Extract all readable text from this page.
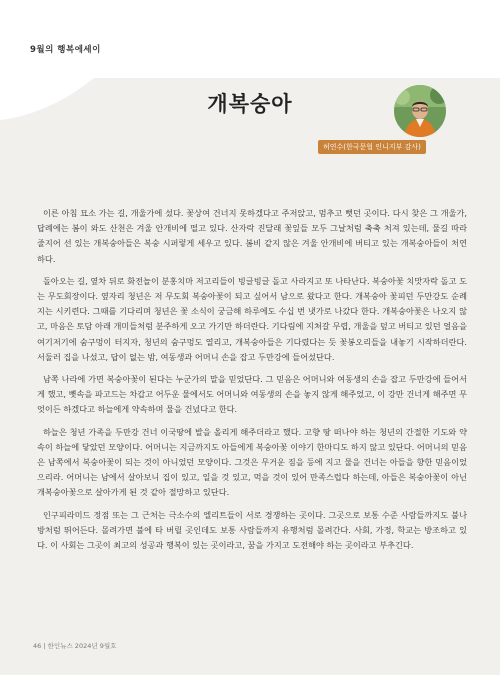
9월의 행복에세이
개복숭아
허연수(한국문협 인니지부 감사)

이른 아침 묘소 가는 길, 개울가에 섰다. 꽃상여 건너지 못하겠다고 주저앉고, 멈추고 뻣던 곳이다. 다시 찾은 그 개울가, 답례에는 봄이 와도 산천은 겨울 안개비에 떨고 있다. 산자락 진달래 꽃잎들 모두 그날처럼 축축 처져 있는데, 물길 따라 줄지어 선 있는 개복숭아들은 복숭 시퍼렇게 세우고 있다. 봄비 같지 않은 겨울 안개비에 버티고 있는 개복숭아들이 처연하다.

돌아오는 길, 옆차 뒤로 화전놀이 분홍치마 저고리들이 빙글빙글 돌고 사라지고 또 나타난다. 복숭아꽃 치맛자락 돌고 도는 무도회장이다. 옆자리 청년은 저 무도회 복숭아꽃이 되고 싶어서 남으로 왔다고 한다. 개복숭아 꽃피던 두만강도 순례지는 시키련다. 그때를 기다리며 청년은 꽃 소식이 궁금해 하루에도 수십 번 냇가로 나갔다 한다. 개복숭아꽃은 나오지 않고, 마음은 토담 아래 개미들처럼 분주하게 오고 가기만 하더란다. 기다림에 지쳐갈 무렵, 개울을 덮고 버티고 있던 얼음을 여기저기에 숨구멍이 터지자, 청년의 숨구멍도 열리고, 개복숭아들은 기다렸다는 듯 꽃봉오리들을 내놓기 시작하더란다. 서둘러 집을 나섰고, 답이 없는 밤, 여동생과 어머니 손을 잡고 두만강에 들어섰단다.

남쪽 나라에 가면 복숭아꽃이 된다는 누군가의 말을 믿었단다. 그 믿음은 어머니와 여동생의 손을 잡고 두만강에 들어서게 했고, 뼛속을 파고드는 차갑고 어두운 물에서도 어머니와 여동생의 손을 놓지 않게 해주었고, 이 강만 건너게 해주면 무엇이든 하겠다고 하늘에게 약속하며 물을 건넜다고 한다.

하늘은 청년 가족을 두만강 건너 이국땅에 발을 올리게 해주더라고 했다. 고향 땅 떠나야 하는 청년의 간절한 기도와 약속이 하늘에 닿았던 모양이다. 어머니는 지금까지도 아들에게 복숭아꽃 이야기 한마디도 하지 않고 있단다. 어머니의 믿음은 남쪽에서 복숭아꽃이 되는 것이 아니었던 모양이다. 그것은 무거운 짐을 등에 지고 물을 건너는 아들을 향한 믿음이었으리라. 어머니는 남에서 살아보니 집이 있고, 일을 것 있고, 먹을 것이 있어 만족스럽다 하는데, 아들은 복숭아꽃이 아닌 개복숭아꽃으로 살아가게 된 것 같아 절망하고 있단다.

인구피라미드 정점 또는 그 근처는 극소수의 엘리트들이 서로 경쟁하는 곳이다. 그곳으로 보통 수준 사람들까지도 불나방처럼 뛰어든다. 몰려가면 불에 타 버릴 곳인데도 보통 사람들까지 유행처럼 몰려간다. 사회, 가정, 학교는 방조하고 있다. 이 사회는 그곳이 최고의 성공과 행복이 있는 곳이라고, 꿈을 가지고 도전해야 하는 곳이라고 부추긴다.

46 | 한인뉴스 2024년 9월호
